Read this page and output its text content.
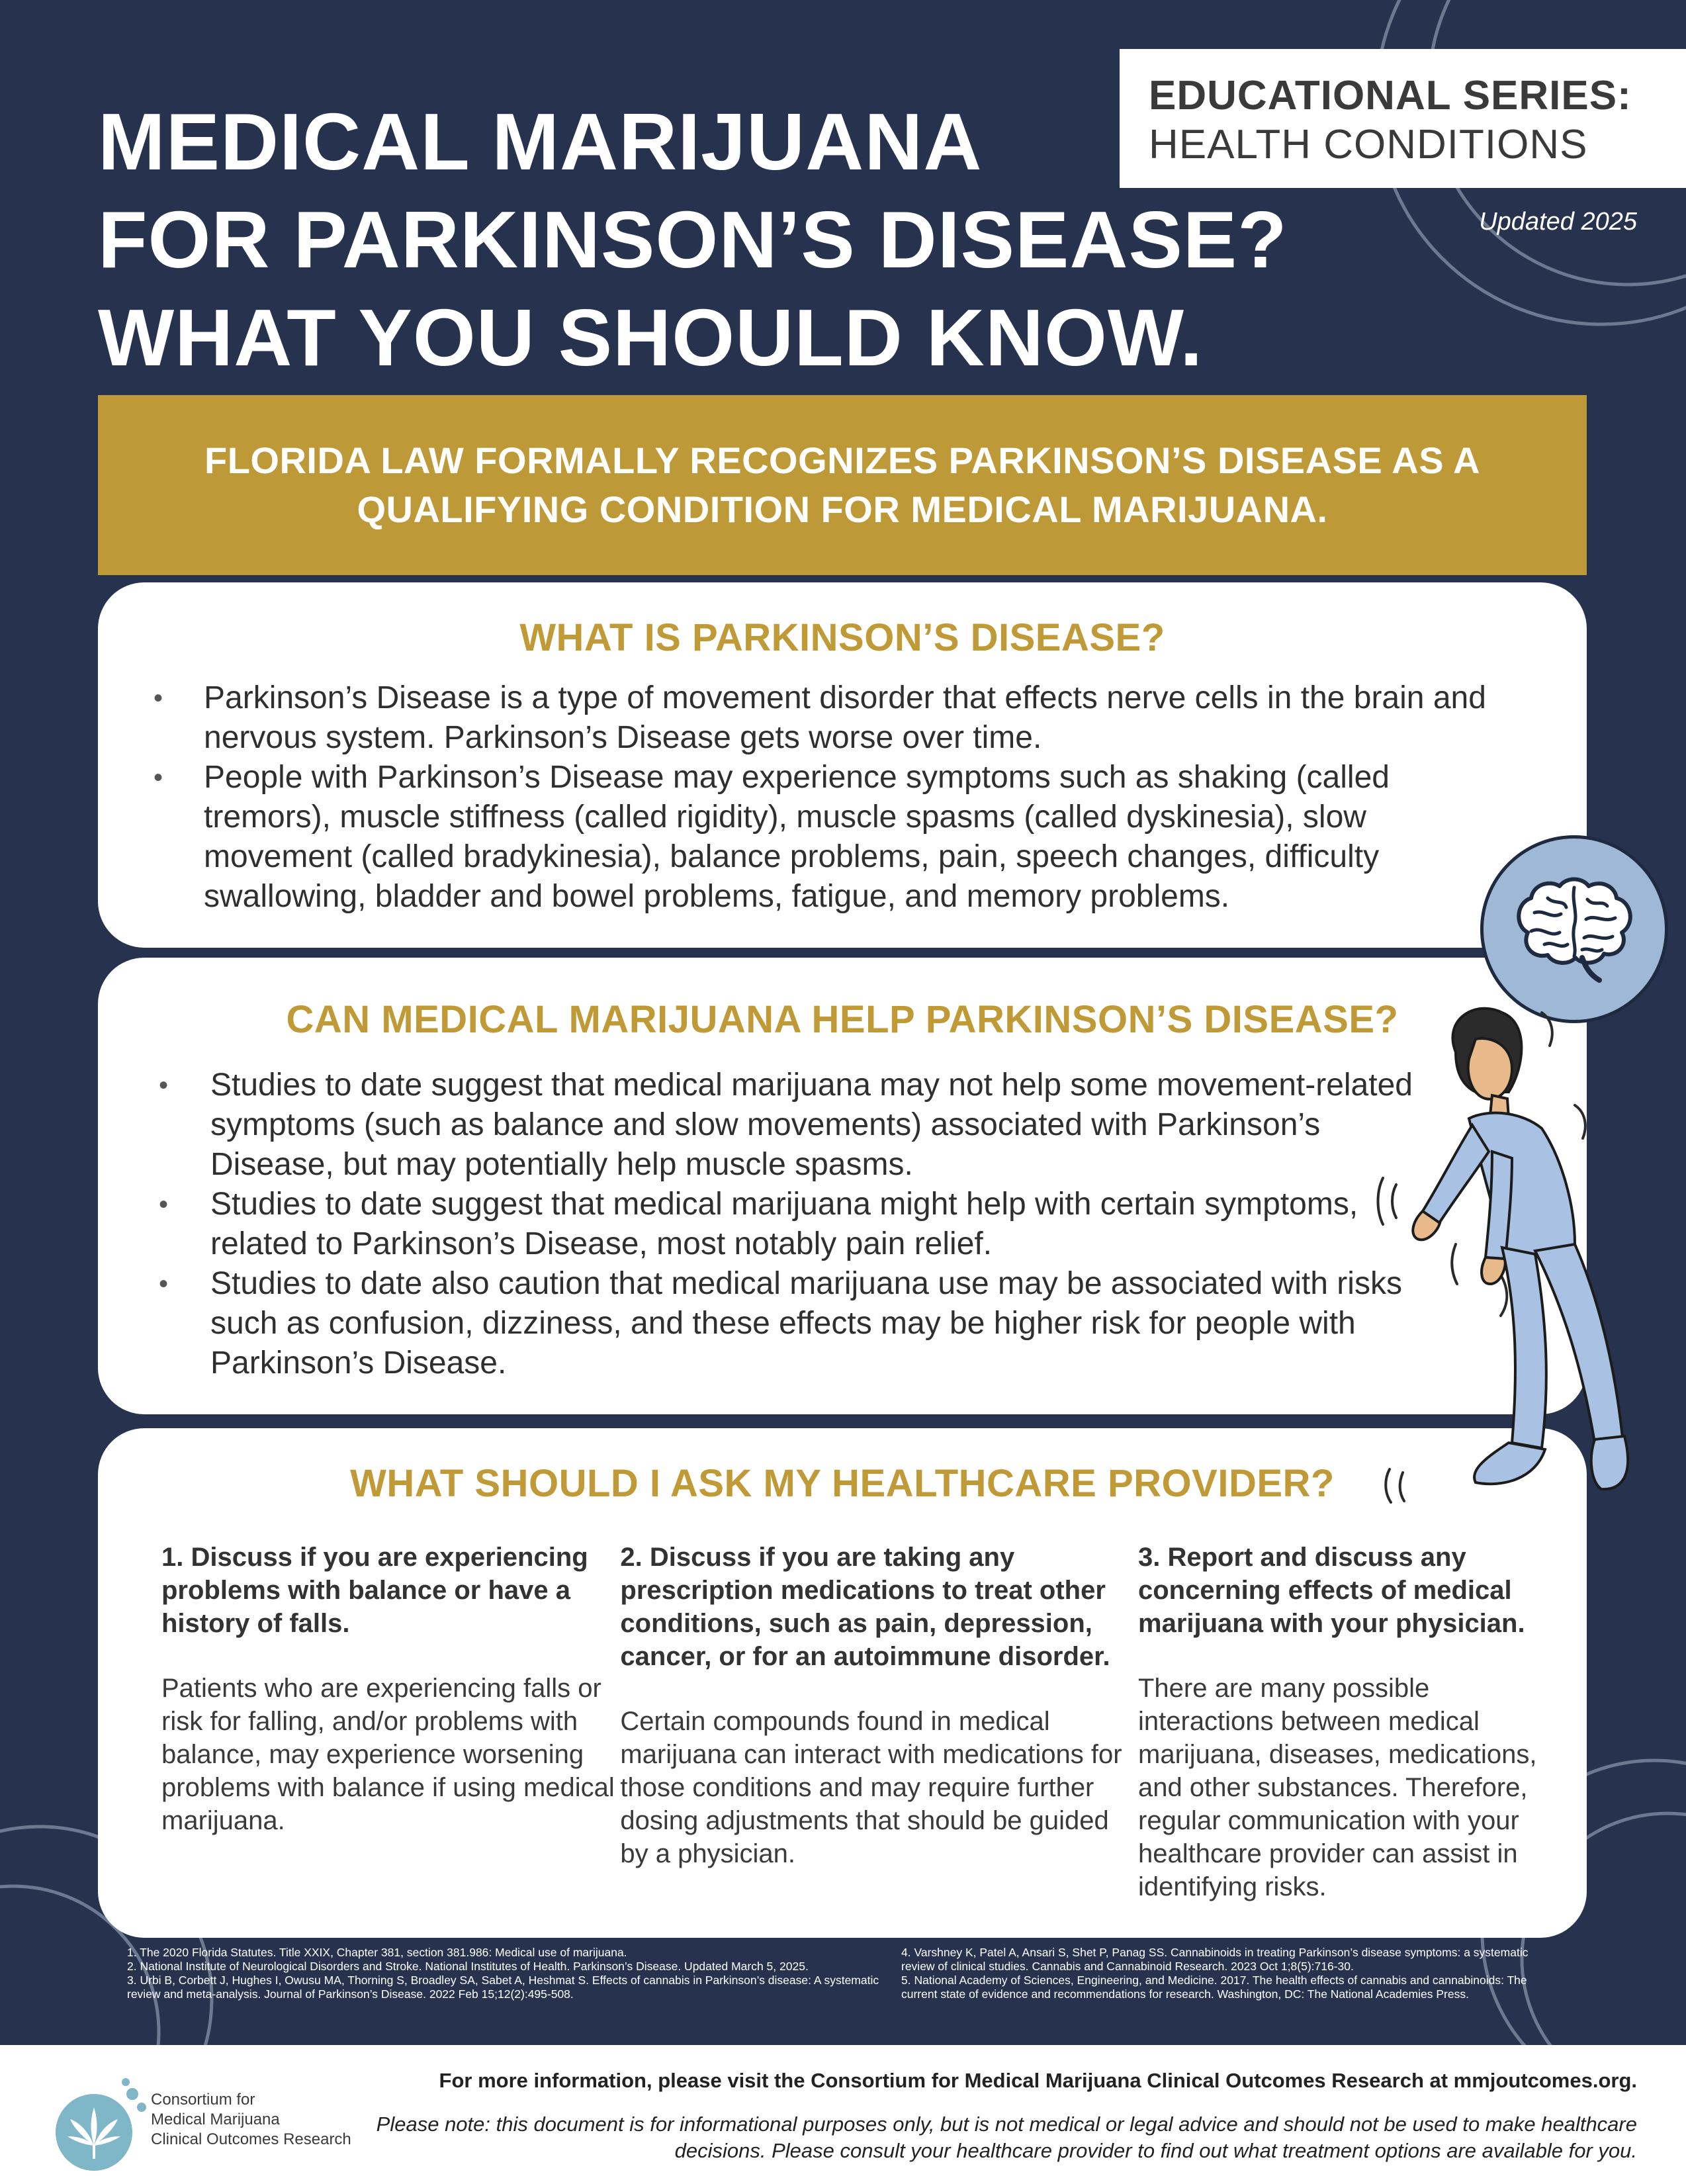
MEDICAL MARIJUANA
FOR PARKINSON’S DISEASE?
WHAT YOU SHOULD KNOW.
EDUCATIONAL SERIES:
HEALTH CONDITIONS
Updated 2025
FLORIDA LAW FORMALLY RECOGNIZES PARKINSON’S DISEASE AS A QUALIFYING CONDITION FOR MEDICAL MARIJUANA.
WHAT IS PARKINSON’S DISEASE?
• Parkinson’s Disease is a type of movement disorder that effects nerve cells in the brain and nervous system. Parkinson’s Disease gets worse over time.
• People with Parkinson’s Disease may experience symptoms such as shaking (called tremors), muscle stiffness (called rigidity), muscle spasms (called dyskinesia), slow movement (called bradykinesia), balance problems, pain, speech changes, difficulty swallowing, bladder and bowel problems, fatigue, and memory problems.
CAN MEDICAL MARIJUANA HELP PARKINSON’S DISEASE?
• Studies to date suggest that medical marijuana may not help some movement-related symptoms (such as balance and slow movements) associated with Parkinson’s Disease, but may potentially help muscle spasms.
• Studies to date suggest that medical marijuana might help with certain symptoms, related to Parkinson’s Disease, most notably pain relief.
• Studies to date also caution that medical marijuana use may be associated with risks such as confusion, dizziness, and these effects may be higher risk for people with Parkinson’s Disease.
WHAT SHOULD I ASK MY HEALTHCARE PROVIDER?
1. Discuss if you are experiencing problems with balance or have a history of falls.
Patients who are experiencing falls or risk for falling, and/or problems with balance, may experience worsening problems with balance if using medical marijuana.
2. Discuss if you are taking any prescription medications to treat other conditions, such as pain, depression, cancer, or for an autoimmune disorder.
Certain compounds found in medical marijuana can interact with medications for those conditions and may require further dosing adjustments that should be guided by a physician.
3. Report and discuss any concerning effects of medical marijuana with your physician.
There are many possible interactions between medical marijuana, diseases, medications, and other substances. Therefore, regular communication with your healthcare provider can assist in identifying risks.

1. The 2020 Florida Statutes. Title XXIX, Chapter 381, section 381.986: Medical use of marijuana.

2. National Institute of Neurological Disorders and Stroke. National Institutes of Health. Parkinson’s Disease. Updated March 5, 2025.

3. Urbi B, Corbett J, Hughes I, Owusu MA, Thorning S, Broadley SA, Sabet A, Heshmat S. Effects of cannabis in Parkinson’s disease: A systematic review and meta-analysis. Journal of Parkinson’s Disease. 2022 Feb 15;12(2):495-508.

4. Varshney K, Patel A, Ansari S, Shet P, Panag SS. Cannabinoids in treating Parkinson’s disease symptoms: a systematic review of clinical studies. Cannabis and Cannabinoid Research. 2023 Oct 1;8(5):716-30.

5. National Academy of Sciences, Engineering, and Medicine. 2017. The health effects of cannabis and cannabinoids: The current state of evidence and recommendations for research. Washington, DC: The National Academies Press.

Consortium for
Medical Marijuana
Clinical Outcomes Research
For more information, please visit the Consortium for Medical Marijuana Clinical Outcomes Research at mmjoutcomes.org.
Please note: this document is for informational purposes only, but is not medical or legal advice and should not be used to make healthcare decisions. Please consult your healthcare provider to find out what treatment options are available for you.
